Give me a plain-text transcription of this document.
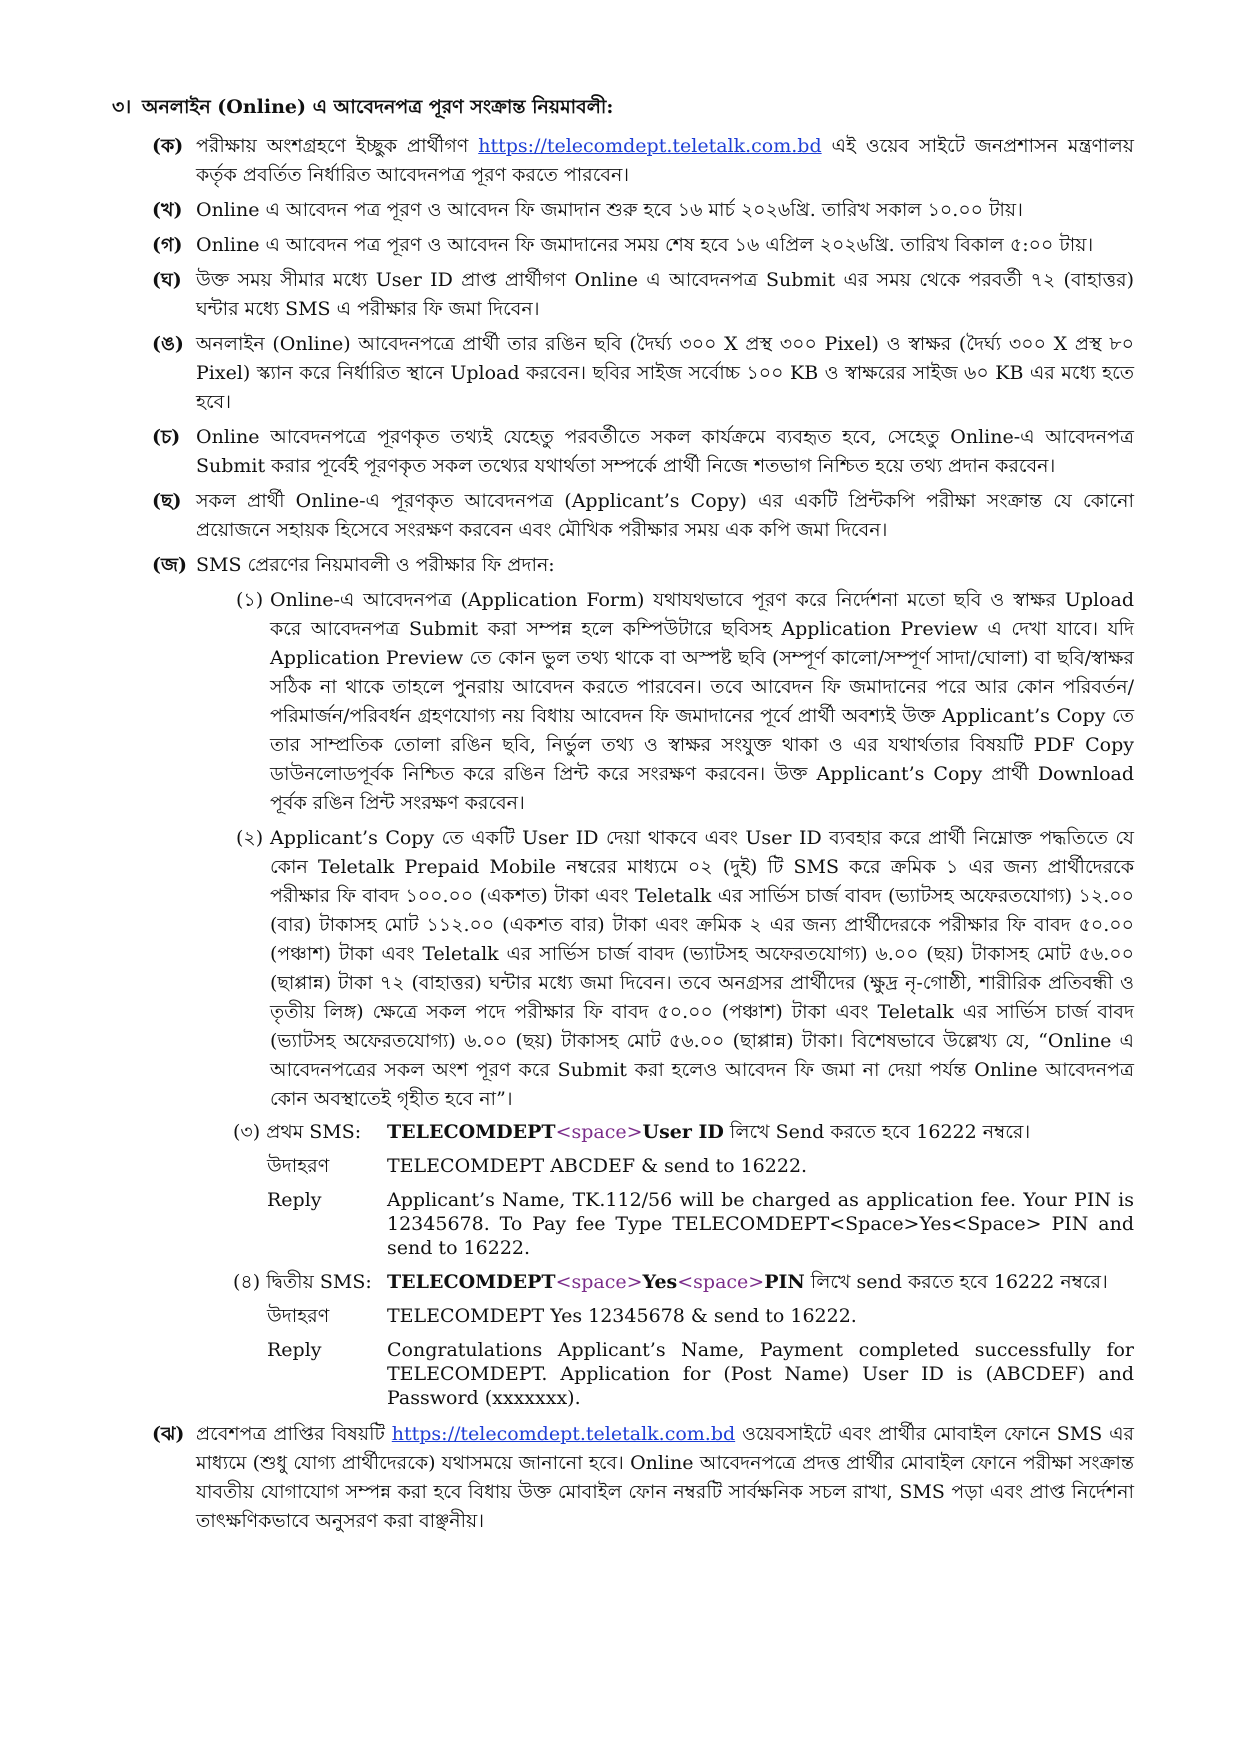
৩। অনলাইন (Online) এ আবেদনপত্র পূরণ সংক্রান্ত নিয়মাবলী:
(ক) পরীক্ষায় অংশগ্রহণে ইচ্ছুক প্রার্থীগণ https://telecomdept.teletalk.com.bd এই ওয়েব সাইটে জনপ্রশাসন মন্ত্রণালয় কর্তৃক প্রবর্তিত নির্ধারিত আবেদনপত্র পূরণ করতে পারবেন।
(খ) Online এ আবেদন পত্র পূরণ ও আবেদন ফি জমাদান শুরু হবে ১৬ মার্চ ২০২৬খ্রি. তারিখ সকাল ১০.০০ টায়।
(গ) Online এ আবেদন পত্র পূরণ ও আবেদন ফি জমাদানের সময় শেষ হবে ১৬ এপ্রিল ২০২৬খ্রি. তারিখ বিকাল ৫:০০ টায়।
(ঘ) উক্ত সময় সীমার মধ্যে User ID প্রাপ্ত প্রার্থীগণ Online এ আবেদনপত্র Submit এর সময় থেকে পরবর্তী ৭২ (বাহাত্তর) ঘন্টার মধ্যে SMS এ পরীক্ষার ফি জমা দিবেন।
(ঙ) অনলাইন (Online) আবেদনপত্রে প্রার্থী তার রঙিন ছবি (দৈর্ঘ্য ৩০০ X প্রস্থ ৩০০ Pixel) ও স্বাক্ষর (দৈর্ঘ্য ৩০০ X প্রস্থ ৮০ Pixel) স্ক্যান করে নির্ধারিত স্থানে Upload করবেন। ছবির সাইজ সর্বোচ্চ ১০০ KB ও স্বাক্ষরের সাইজ ৬০ KB এর মধ্যে হতে হবে।
(চ) Online আবেদনপত্রে পূরণকৃত তথ্যই যেহেতু পরবর্তীতে সকল কার্যক্রমে ব্যবহৃত হবে, সেহেতু Online-এ আবেদনপত্র Submit করার পূর্বেই পূরণকৃত সকল তথ্যের যথার্থতা সম্পর্কে প্রার্থী নিজে শতভাগ নিশ্চিত হয়ে তথ্য প্রদান করবেন।
(ছ) সকল প্রার্থী Online-এ পূরণকৃত আবেদনপত্র (Applicant’s Copy) এর একটি প্রিন্টকপি পরীক্ষা সংক্রান্ত যে কোনো প্রয়োজনে সহায়ক হিসেবে সংরক্ষণ করবেন এবং মৌখিক পরীক্ষার সময় এক কপি জমা দিবেন।
(জ) SMS প্রেরণের নিয়মাবলী ও পরীক্ষার ফি প্রদান:
(১) Online-এ আবেদনপত্র (Application Form) যথাযথভাবে পূরণ করে নির্দেশনা মতো ছবি ও স্বাক্ষর Upload করে আবেদনপত্র Submit করা সম্পন্ন হলে কম্পিউটারে ছবিসহ Application Preview এ দেখা যাবে। যদি Application Preview তে কোন ভুল তথ্য থাকে বা অস্পষ্ট ছবি (সম্পূর্ণ কালো/সম্পূর্ণ সাদা/ঘোলা) বা ছবি/স্বাক্ষর সঠিক না থাকে তাহলে পুনরায় আবেদন করতে পারবেন। তবে আবেদন ফি জমাদানের পরে আর কোন পরিবর্তন/পরিমার্জন/পরিবর্ধন গ্রহণযোগ্য নয় বিধায় আবেদন ফি জমাদানের পূর্বে প্রার্থী অবশ্যই উক্ত Applicant’s Copy তে তার সাম্প্রতিক তোলা রঙিন ছবি, নির্ভুল তথ্য ও স্বাক্ষর সংযুক্ত থাকা ও এর যথার্থতার বিষয়টি PDF Copy ডাউনলোডপূর্বক নিশ্চিত করে রঙিন প্রিন্ট করে সংরক্ষণ করবেন। উক্ত Applicant’s Copy প্রার্থী Download পূর্বক রঙিন প্রিন্ট সংরক্ষণ করবেন।
(২) Applicant’s Copy তে একটি User ID দেয়া থাকবে এবং User ID ব্যবহার করে প্রার্থী নিম্নোক্ত পদ্ধতিতে যে কোন Teletalk Prepaid Mobile নম্বরের মাধ্যমে ০২ (দুই) টি SMS করে ক্রমিক ১ এর জন্য প্রার্থীদেরকে পরীক্ষার ফি বাবদ ১০০.০০ (একশত) টাকা এবং Teletalk এর সার্ভিস চার্জ বাবদ (ভ্যাটসহ অফেরতযোগ্য) ১২.০০ (বার) টাকাসহ মোট ১১২.০০ (একশত বার) টাকা এবং ক্রমিক ২ এর জন্য প্রার্থীদেরকে পরীক্ষার ফি বাবদ ৫০.০০ (পঞ্চাশ) টাকা এবং Teletalk এর সার্ভিস চার্জ বাবদ (ভ্যাটসহ অফেরতযোগ্য) ৬.০০ (ছয়) টাকাসহ মোট ৫৬.০০ (ছাপ্পান্ন) টাকা ৭২ (বাহাত্তর) ঘন্টার মধ্যে জমা দিবেন। তবে অনগ্রসর প্রার্থীদের (ক্ষুদ্র নৃ-গোষ্ঠী, শারীরিক প্রতিবন্ধী ও তৃতীয় লিঙ্গ) ক্ষেত্রে সকল পদে পরীক্ষার ফি বাবদ ৫০.০০ (পঞ্চাশ) টাকা এবং Teletalk এর সার্ভিস চার্জ বাবদ (ভ্যাটসহ অফেরতযোগ্য) ৬.০০ (ছয়) টাকাসহ মোট ৫৬.০০ (ছাপ্পান্ন) টাকা। বিশেষভাবে উল্লেখ্য যে, “Online এ আবেদনপত্রের সকল অংশ পূরণ করে Submit করা হলেও আবেদন ফি জমা না দেয়া পর্যন্ত Online আবেদনপত্র কোন অবস্থাতেই গৃহীত হবে না”।
(৩) প্রথম SMS:	TELECOMDEPT<space>User ID লিখে Send করতে হবে 16222 নম্বরে।
উদাহরণ	TELECOMDEPT ABCDEF & send to 16222.
Reply	Applicant’s Name, TK.112/56 will be charged as application fee. Your PIN is 12345678. To Pay fee Type TELECOMDEPT<Space>Yes<Space> PIN and send to 16222.
(৪) দ্বিতীয় SMS: TELECOMDEPT<space>Yes<space>PIN লিখে send করতে হবে 16222 নম্বরে।
উদাহরণ	TELECOMDEPT Yes 12345678 & send to 16222.
Reply	Congratulations Applicant’s Name, Payment completed successfully for TELECOMDEPT. Application for (Post Name) User ID is (ABCDEF) and Password (xxxxxxx).
(ঝ) প্রবেশপত্র প্রাপ্তির বিষয়টি https://telecomdept.teletalk.com.bd ওয়েবসাইটে এবং প্রার্থীর মোবাইল ফোনে SMS এর মাধ্যমে (শুধু যোগ্য প্রার্থীদেরকে) যথাসময়ে জানানো হবে। Online আবেদনপত্রে প্রদত্ত প্রার্থীর মোবাইল ফোনে পরীক্ষা সংক্রান্ত যাবতীয় যোগাযোগ সম্পন্ন করা হবে বিধায় উক্ত মোবাইল ফোন নম্বরটি সার্বক্ষনিক সচল রাখা, SMS পড়া এবং প্রাপ্ত নির্দেশনা তাৎক্ষণিকভাবে অনুসরণ করা বাঞ্ছনীয়।
